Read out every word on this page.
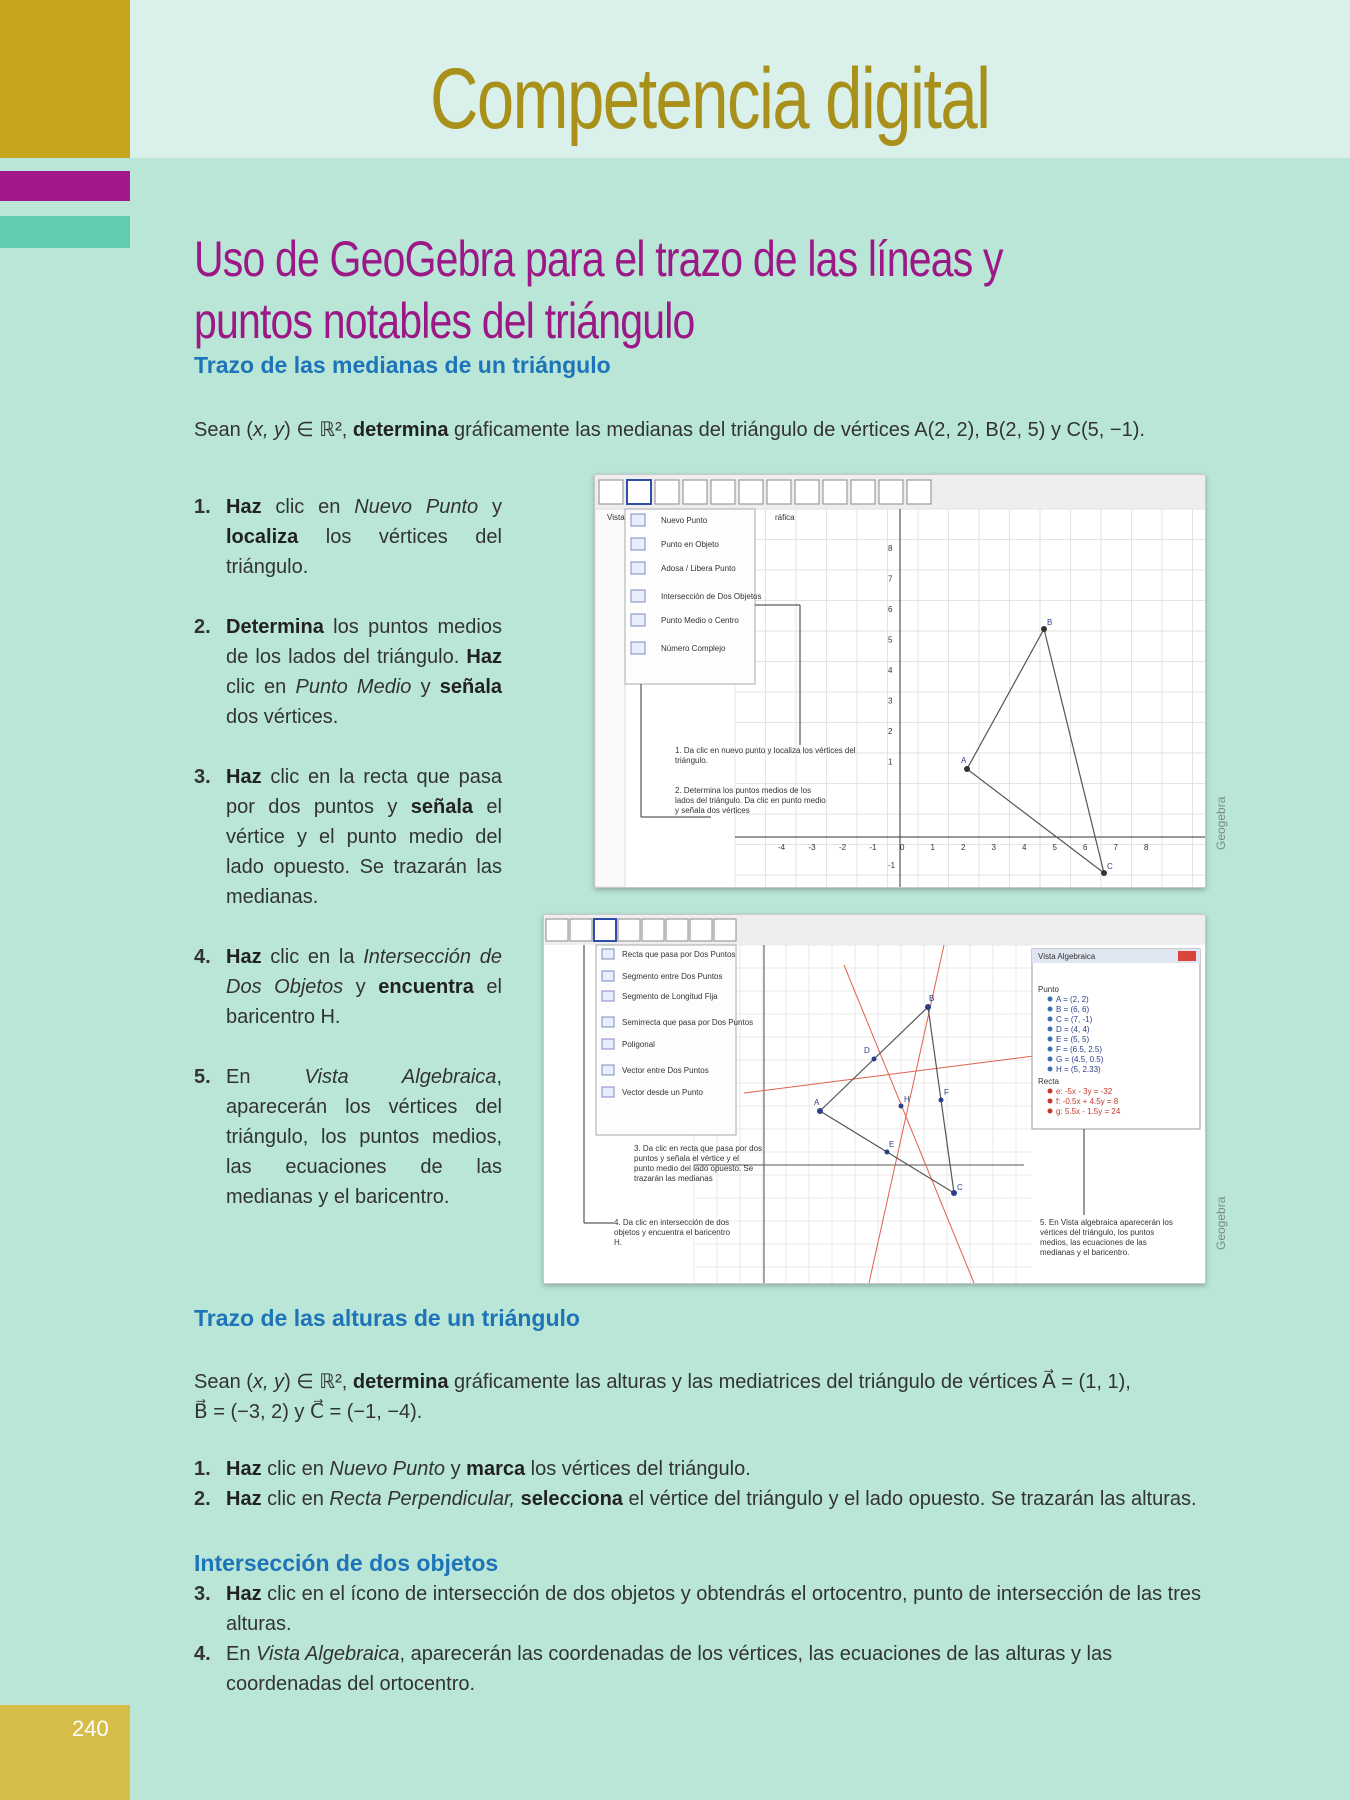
240
Competencia digital
Uso de GeoGebra para el trazo de las líneas y puntos notables del triángulo
Trazo de las medianas de un triángulo

Sean (x, y) ∈ ℝ², determina gráficamente las medianas del triángulo de vértices A(2, 2), B(2, 5) y C(5, −1).

1. Haz clic en Nuevo Punto y localiza los vértices del triángulo.
2. Determina los puntos medios de los lados del triángulo. Haz clic en Punto Medio y señala dos vértices.
3. Haz clic en la recta que pasa por dos puntos y señala el vértice y el punto medio del lado opuesto. Se trazarán las medianas.
4. Haz clic en la Intersección de Dos Objetos y encuentra el baricentro H.
5. En Vista Algebraica, aparecerán los vértices del triángulo, los puntos medios, las ecuaciones de las medianas y el baricentro.
Vista	ráfica
-4	-3	-2	-1	0	1	2	3	4	5	6	7	8
8
7
6
5
4
3
2
1
-1
A
B
C
Nuevo Punto
Punto en Objeto
Adosa / Libera Punto
Intersección de Dos Objetos
Punto Medio o Centro
Número Complejo
1. Da clic en nuevo punto y localiza los vértices del
triángulo.
2. Determina los puntos medios de los
lados del triángulo. Da clic en punto medio
y señala dos vértices	Geogebra
A
B
C
D
F
H
E
Recta que pasa por Dos Puntos
Segmento entre Dos Puntos
Segmento de Longitud Fija
Semirrecta que pasa por Dos Puntos
Poligonal
Vector entre Dos Puntos
Vector desde un Punto
Vista Algebraica
Punto
A = (2, 2)
B = (6, 6)
C = (7, -1)
D = (4, 4)
E = (5, 5)
F = (6.5, 2.5)
G = (4.5, 0.5)
H = (5, 2.33)
Recta
e: -5x - 3y = -32
f: -0.5x + 4.5y = 8
g: 5.5x - 1.5y = 24
3. Da clic en recta que pasa por dos
puntos y señala el vértice y el
punto medio del lado opuesto. Se
trazarán las medianas
4. Da clic en intersección de dos
objetos y encuentra el baricentro
H.
5. En Vista algebraica aparecerán los
vértices del triángulo, los puntos
medios, las ecuaciones de las
medianas y el baricentro.
Geogebra
Trazo de las alturas de un triángulo

Sean (x, y) ∈ ℝ², determina gráficamente las alturas y las mediatrices del triángulo de vértices A⃗ = (1, 1),

B⃗ = (−3, 2) y C⃗ = (−1, −4).

1. Haz clic en Nuevo Punto y marca los vértices del triángulo.
2. Haz clic en Recta Perpendicular, selecciona el vértice del triángulo y el lado opuesto. Se trazarán las alturas.
Intersección de dos objetos
3. Haz clic en el ícono de intersección de dos objetos y obtendrás el ortocentro, punto de intersección de las tres alturas.
4. En Vista Algebraica, aparecerán las coordenadas de los vértices, las ecuaciones de las alturas y las coordenadas del ortocentro.
